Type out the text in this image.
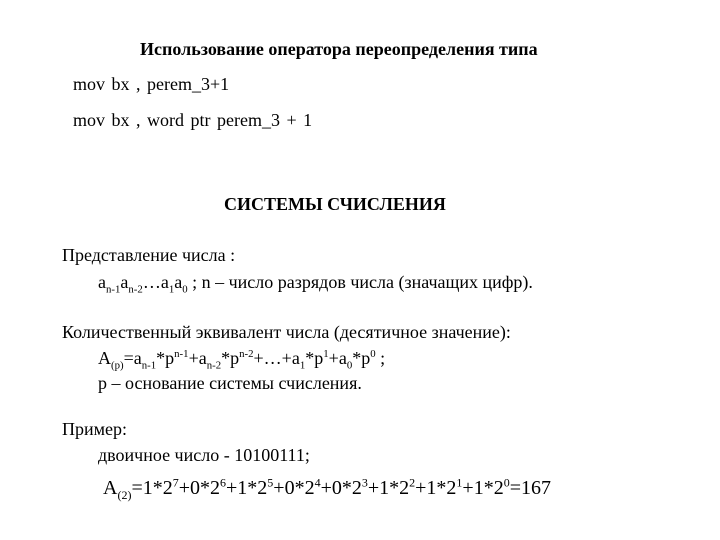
Использование оператора переопределения типа
mov bx , perem_3+1
mov bx , word ptr perem_3 + 1
СИСТЕМЫ СЧИСЛЕНИЯ
Представление числа :
$a_{n-1}a_{n-2}\dots a_1a_0$ ; n – число разрядов числа (значащих цифр).
Количественный эквивалент числа (десятичное значение):
$A_{(p)}=a_{n-1}*p^{n-1}+a_{n-2}*p^{n-2}+\dots+a_1*p^1+a_0*p^0$ ;
p – основание системы счисления.
Пример:
двоичное число - 10100111;
$A_{(2)}=1*2^7+0*2^6+1*2^5+0*2^4+0*2^3+1*2^2+1*2^1+1*2^0=167$
